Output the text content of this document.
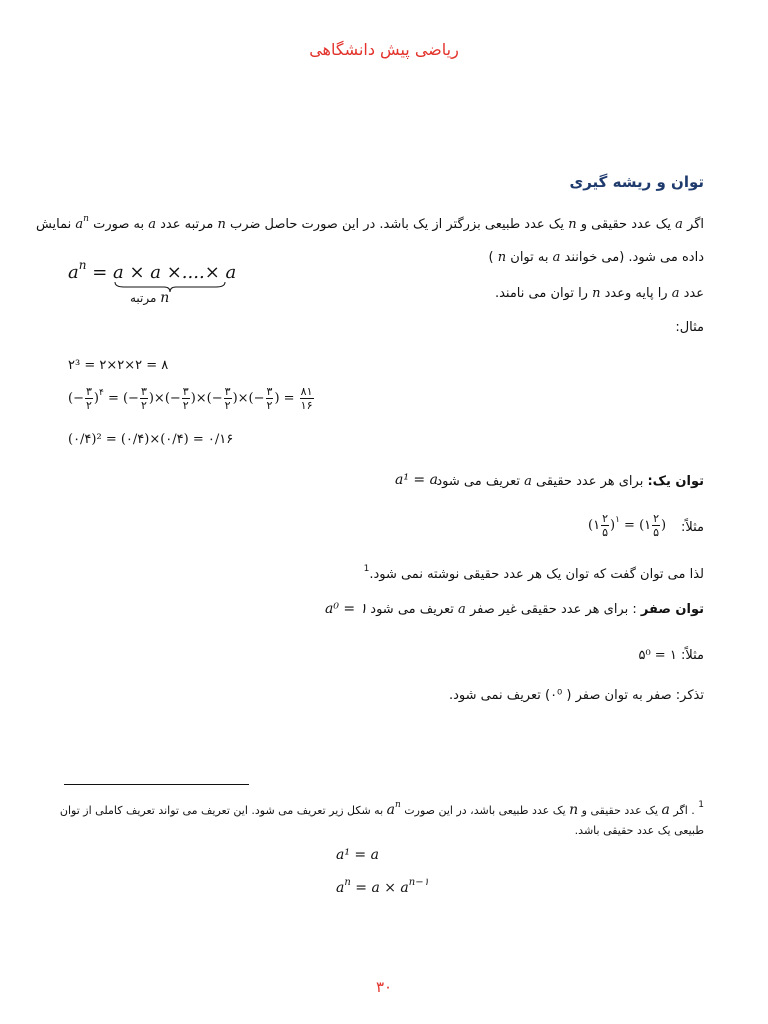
ریاضی پیش دانشگاهی
توان و ریشه گیری
اگر a یک عدد حقیقی و n یک عدد طبیعی بزرگتر از یک باشد. در این صورت حاصل ضرب n مرتبه عدد a به صورت $a^n$ نمایش
داده می شود. (می خوانند a به توان n )
عدد a را پایه وعدد n را توان می نامند.
مثال:
$a^n = a \times a$ ×....× a
مرتبه n
۲³ = ۲×۲×۲ = ۸
(− $\frac{۳}{۲} )^۴$ = (− $\frac{۳}{۲}$ )×(− $\frac{۳}{۲}$ )×(− $\frac{۳}{۲}$ )×(− $\frac{۳}{۲}$ ) = $\frac{۸۱}{۱۶}$
(۰/۴)² = (۰/۴)×(۰/۴) = ۰/۱۶
توان یک: برای هر عدد حقیقی a تعریف می شود
a¹ = a
مثلاً:
(۱ $\frac{۲}{۵} )^۱$ = (۱ $\frac{۲}{۵}$ )
لذا می توان گفت که توان یک هر عدد حقیقی نوشته نمی شود.$^1$
توان صفر : برای هر عدد حقیقی غیر صفر a تعریف می شود
a⁰ = ۱
مثلاً: ۵⁰ = ۱
تذکر: صفر به توان صفر ( ۰⁰) تعریف نمی شود.
$^1$ . اگر a یک عدد حقیقی و n یک عدد طبیعی باشد، در این صورت $a^n$ به شکل زیر تعریف می شود. این تعریف می تواند تعریف کاملی از توان
طبیعی یک عدد حقیقی باشد.
a¹ = a
$a^n = a \times a^{n-۱}$
۳۰
